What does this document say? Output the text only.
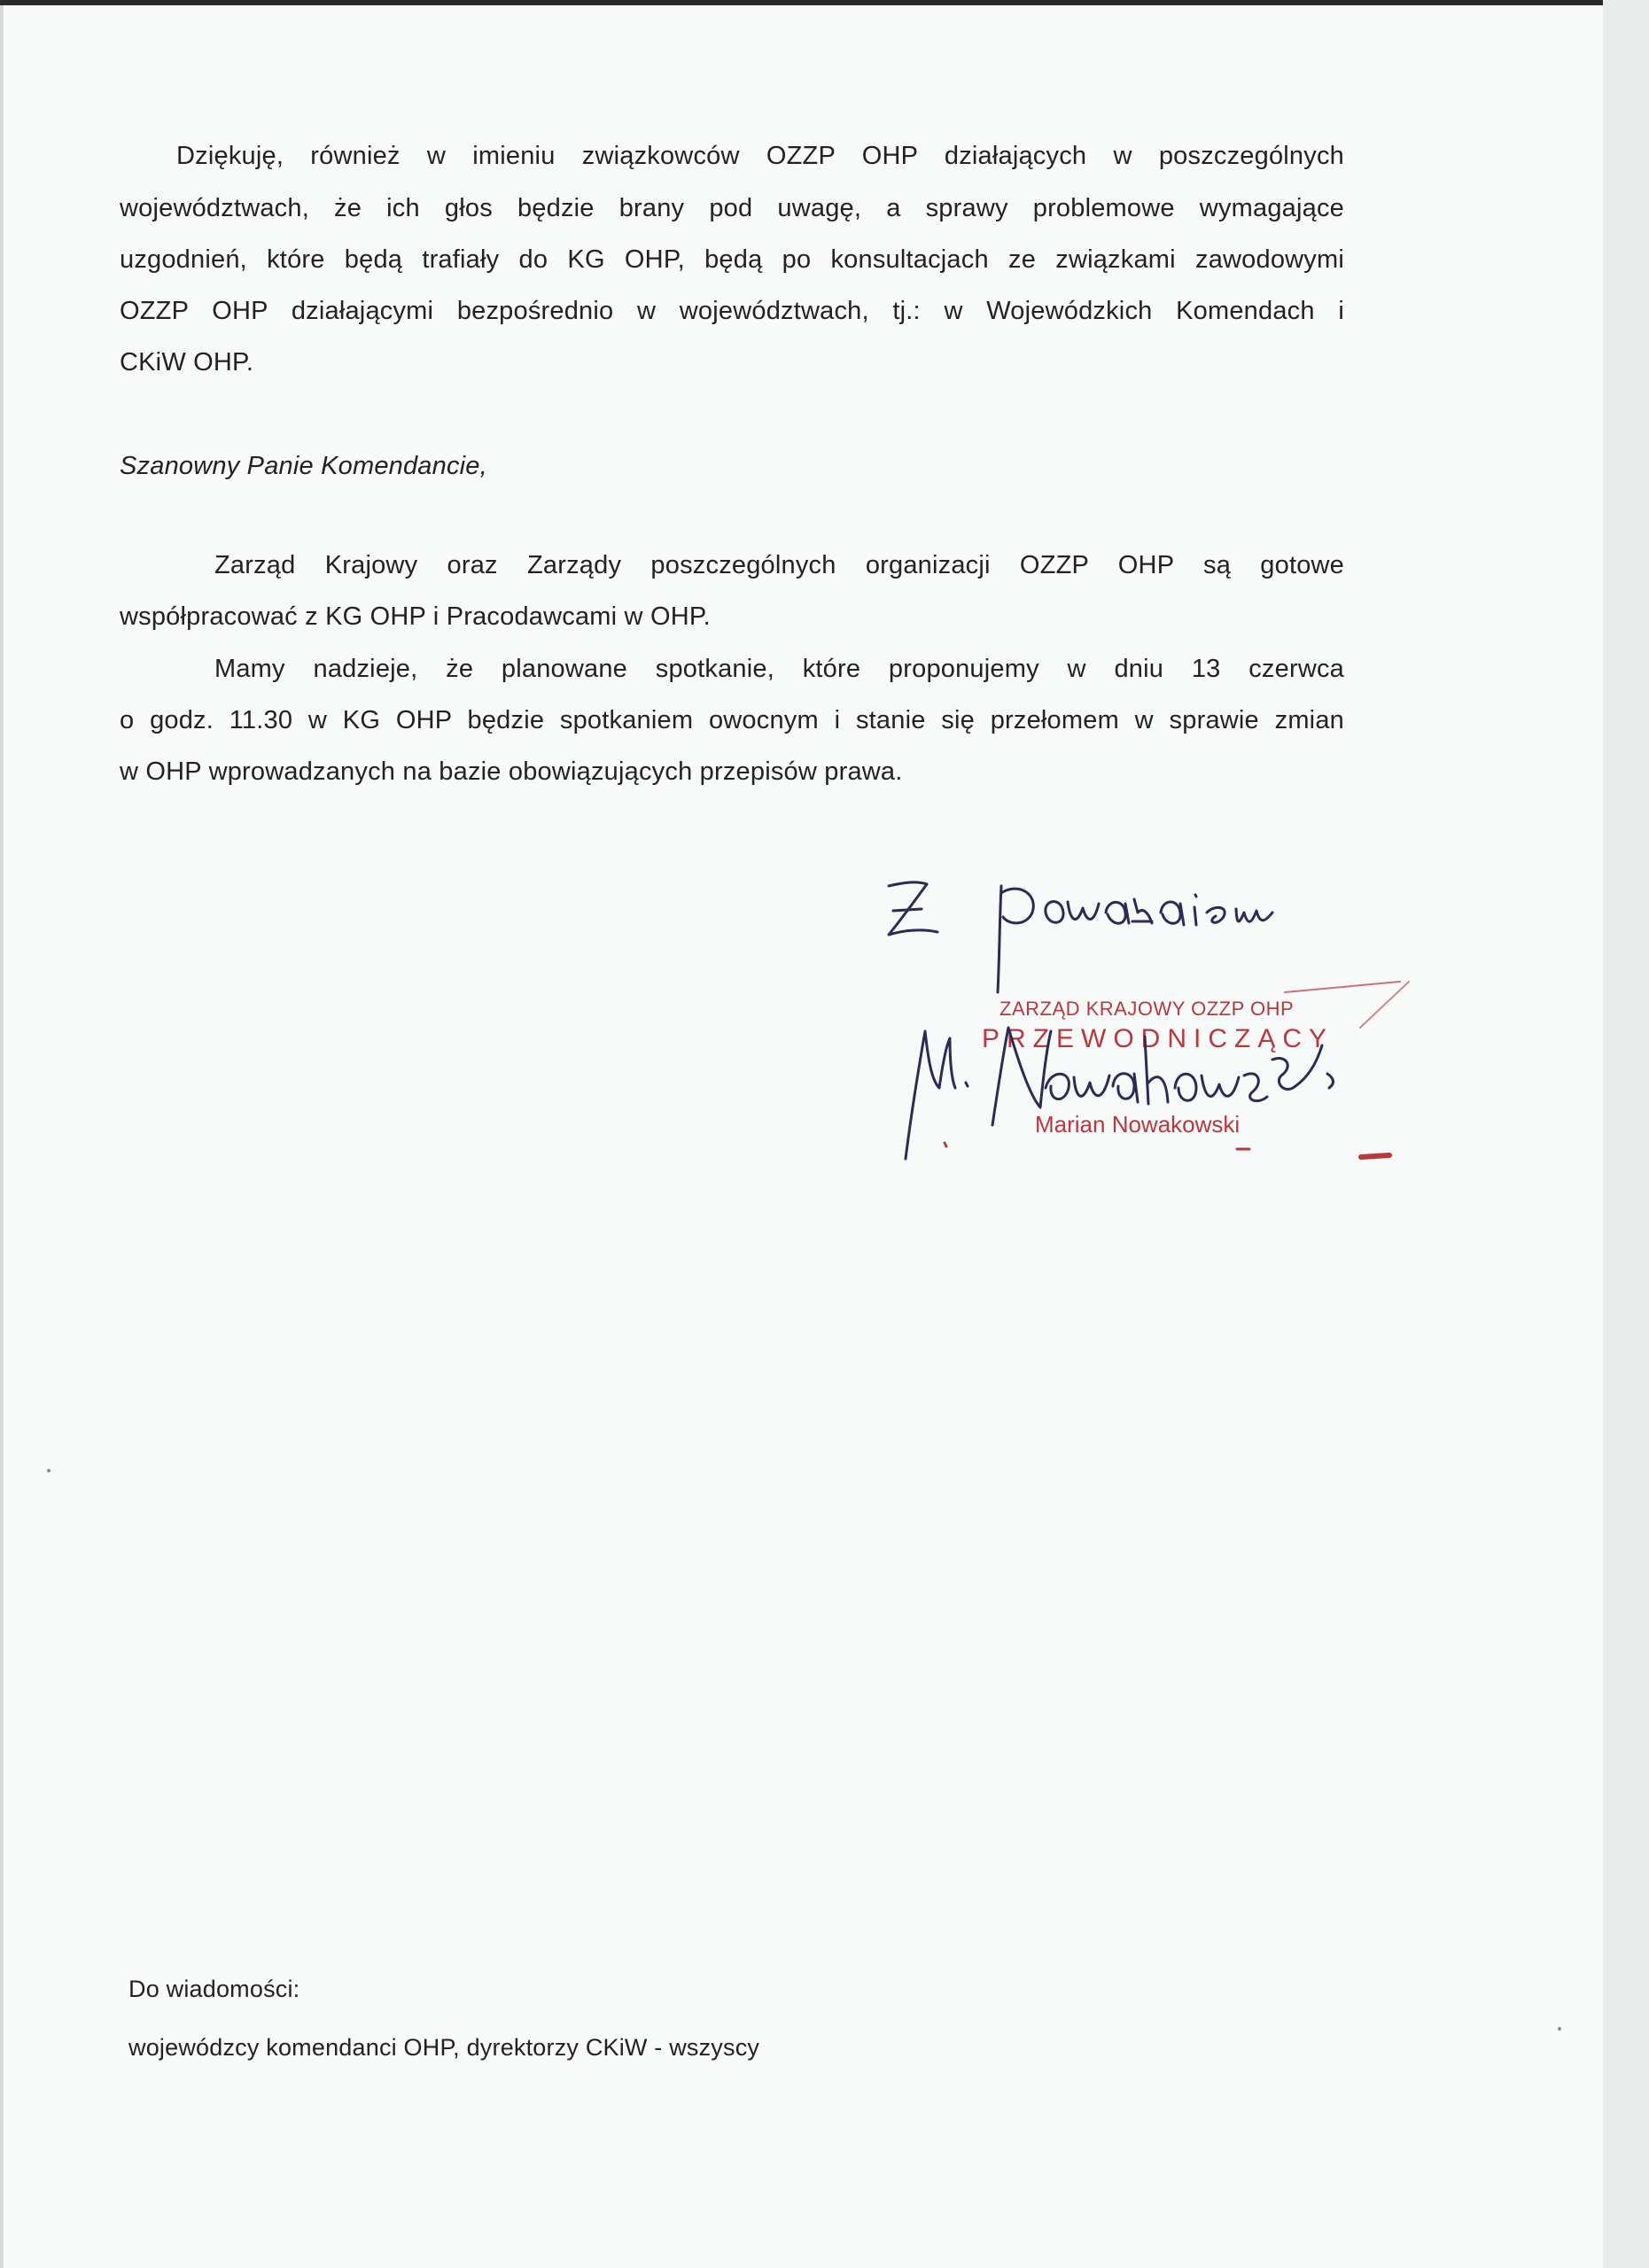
Dziękuję, również w imieniu związkowców OZZP OHP działających w poszczególnych
województwach, że ich głos będzie brany pod uwagę, a sprawy problemowe wymagające
uzgodnień, które będą trafiały do KG OHP, będą po konsultacjach ze związkami zawodowymi
OZZP OHP działającymi bezpośrednio w województwach, tj.: w Wojewódzkich Komendach i
CKiW OHP.
Szanowny Panie Komendancie,
Zarząd Krajowy oraz Zarządy poszczególnych organizacji OZZP OHP są gotowe
współpracować z KG OHP i Pracodawcami w OHP.
Mamy nadzieje, że planowane spotkanie, które proponujemy w dniu 13 czerwca
o godz. 11.30 w KG OHP będzie spotkaniem owocnym i stanie się przełomem w sprawie zmian
w OHP wprowadzanych na bazie obowiązujących przepisów prawa.
ZARZĄD KRAJOWY OZZP OHP
PRZEWODNICZĄCY
Marian Nowakowski
Do wiadomości:
wojewódzcy komendanci OHP, dyrektorzy CKiW - wszyscy
